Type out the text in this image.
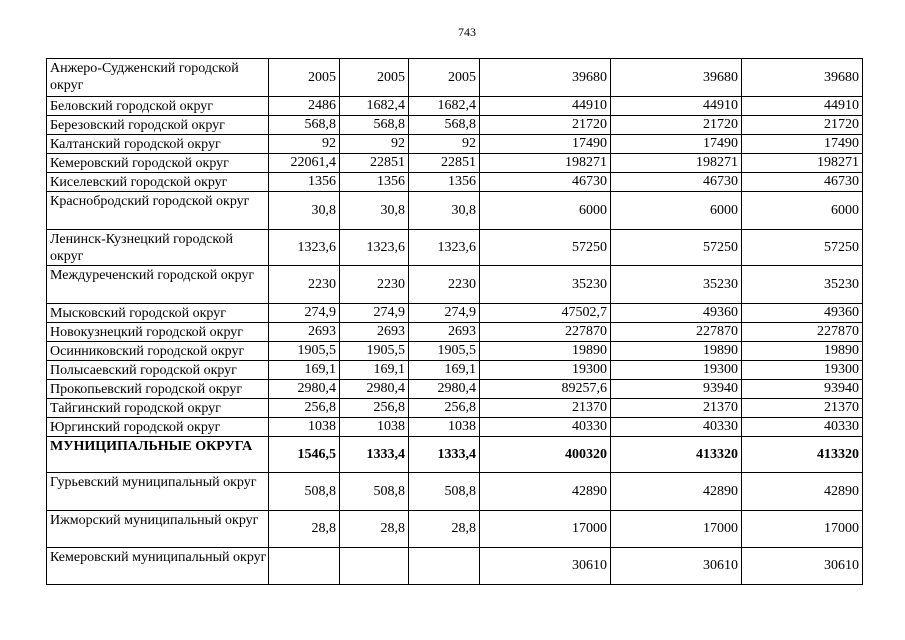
743
Анжеро-Судженский городской округ	2005	2005	2005	39680	39680	39680
Беловский городской округ	2486	1682,4	1682,4	44910	44910	44910
Березовский городской округ	568,8	568,8	568,8	21720	21720	21720
Калтанский городской округ	92	92	92	17490	17490	17490
Кемеровский городской округ	22061,4	22851	22851	198271	198271	198271
Киселевский городской округ	1356	1356	1356	46730	46730	46730
Краснобродский городской округ	30,8	30,8	30,8	6000	6000	6000
Ленинск-Кузнецкий городской округ	1323,6	1323,6	1323,6	57250	57250	57250
Междуреченский городской округ	2230	2230	2230	35230	35230	35230
Мысковский городской округ	274,9	274,9	274,9	47502,7	49360	49360
Новокузнецкий городской округ	2693	2693	2693	227870	227870	227870
Осинниковский городской округ	1905,5	1905,5	1905,5	19890	19890	19890
Полысаевский городской округ	169,1	169,1	169,1	19300	19300	19300
Прокопьевский городской округ	2980,4	2980,4	2980,4	89257,6	93940	93940
Тайгинский городской округ	256,8	256,8	256,8	21370	21370	21370
Юргинский городской округ	1038	1038	1038	40330	40330	40330
МУНИЦИПАЛЬНЫЕ ОКРУГА	1546,5	1333,4	1333,4	400320	413320	413320
Гурьевский муниципальный округ	508,8	508,8	508,8	42890	42890	42890
Ижморский муниципальный округ	28,8	28,8	28,8	17000	17000	17000
Кемеровский муниципальный округ				30610	30610	30610
